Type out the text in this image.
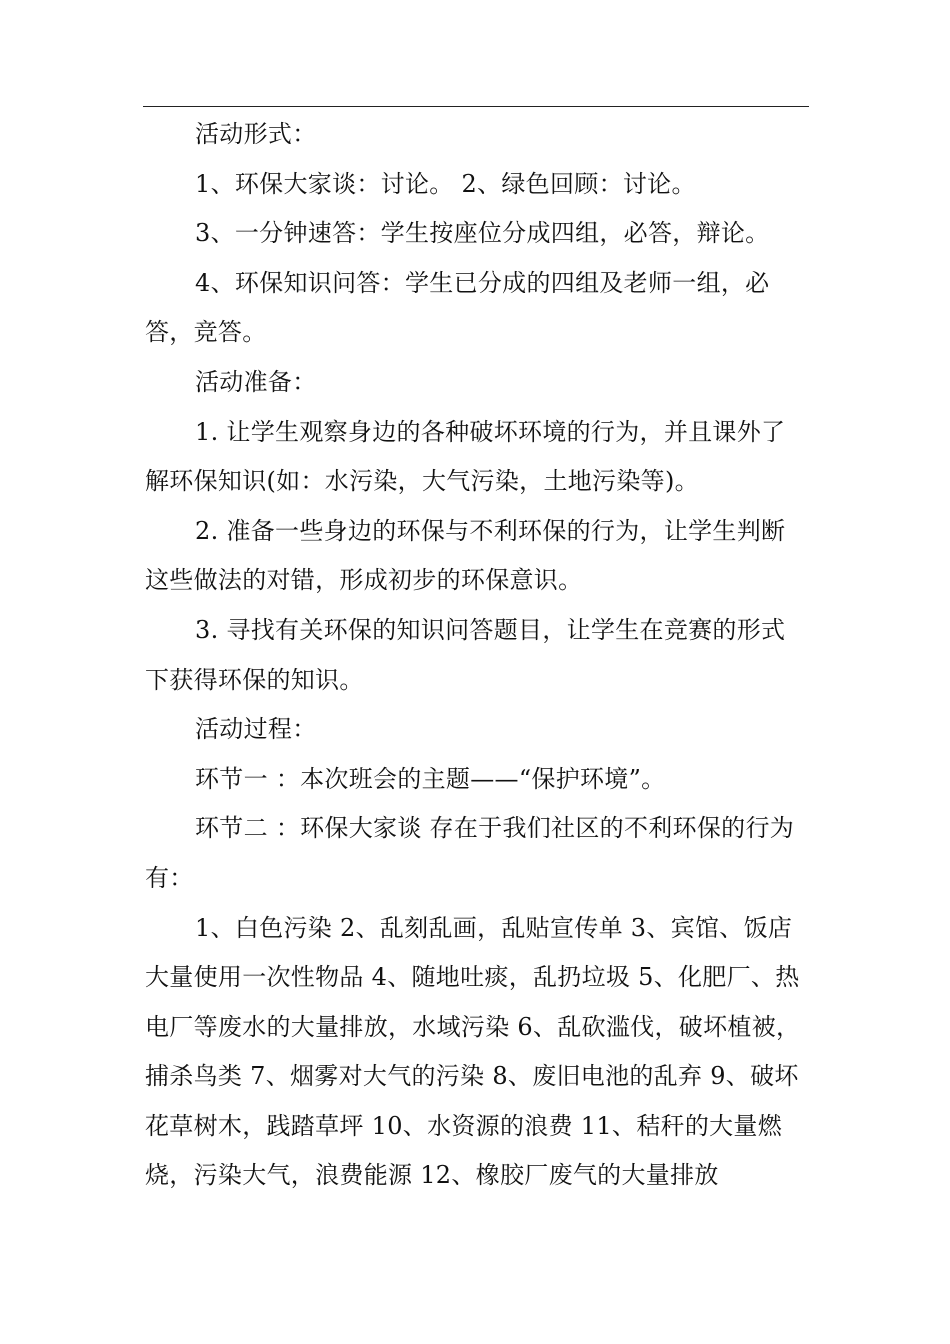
活动形式：

1、环保大家谈：讨论。 2、绿色回顾：讨论。

3、一分钟速答：学生按座位分成四组，必答，辩论。

4、环保知识问答：学生已分成的四组及老师一组，必答，竞答。

活动准备：

1. 让学生观察身边的各种破坏环境的行为，并且课外了解环保知识(如：水污染，大气污染，土地污染等)。

2. 准备一些身边的环保与不利环保的行为，让学生判断这些做法的对错，形成初步的环保意识。

3. 寻找有关环保的知识问答题目，让学生在竞赛的形式下获得环保的知识。

活动过程：

环节一 ：本次班会的主题——“保护环境”。

环节二 ：环保大家谈 存在于我们社区的不利环保的行为有：

1、白色污染 2、乱刻乱画，乱贴宣传单 3、宾馆、饭店大量使用一次性物品 4、随地吐痰，乱扔垃圾 5、化肥厂、热电厂等废水的大量排放，水域污染 6、乱砍滥伐，破坏植被，捕杀鸟类 7、烟雾对大气的污染 8、废旧电池的乱弃 9、破坏花草树木，践踏草坪 10、水资源的浪费 11、秸秆的大量燃烧，污染大气，浪费能源 12、橡胶厂废气的大量排放
